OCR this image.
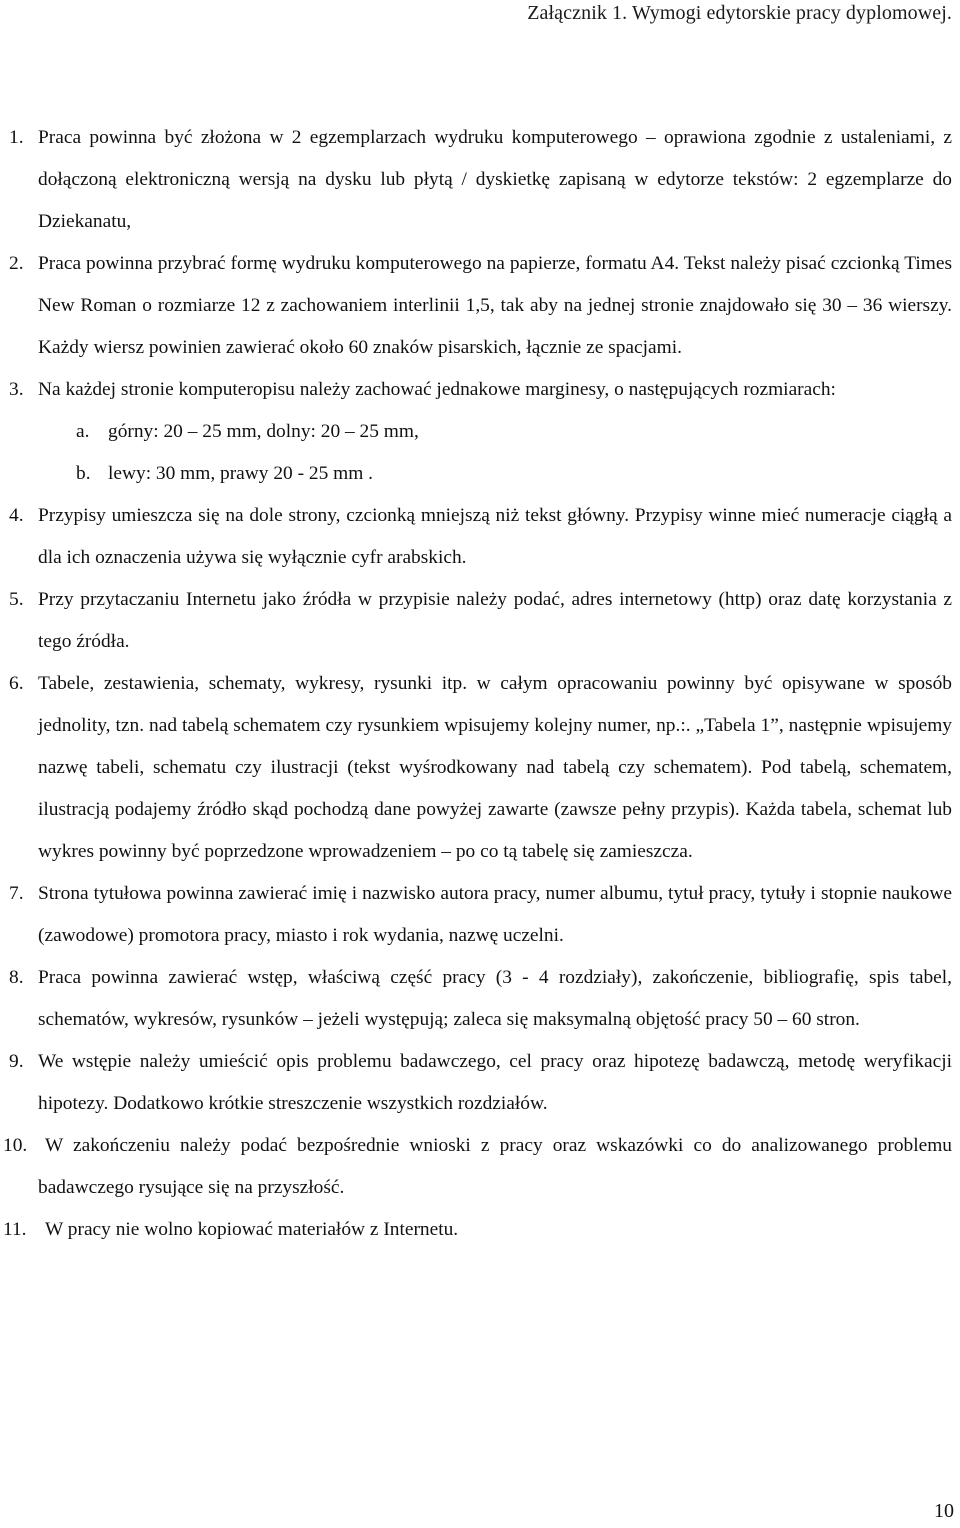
Załącznik 1. Wymogi edytorskie pracy dyplomowej.
1. Praca powinna być złożona w 2 egzemplarzach wydruku komputerowego – oprawiona zgodnie z ustaleniami, z dołączoną elektroniczną wersją na dysku lub płytą / dyskietkę zapisaną w edytorze tekstów: 2 egzemplarze do Dziekanatu,
2. Praca powinna przybrać formę wydruku komputerowego na papierze, formatu A4. Tekst należy pisać czcionką Times New Roman o rozmiarze 12 z zachowaniem interlinii 1,5, tak aby na jednej stronie znajdowało się 30 – 36 wierszy. Każdy wiersz powinien zawierać około 60 znaków pisarskich, łącznie ze spacjami.
3. Na każdej stronie komputeropisu należy zachować jednakowe marginesy, o następujących rozmiarach:
a. górny: 20 – 25 mm, dolny: 20 – 25 mm,
b. lewy: 30 mm, prawy 20 - 25 mm .
4. Przypisy umieszcza się na dole strony, czcionką mniejszą niż tekst główny. Przypisy winne mieć numeracje ciągłą a dla ich oznaczenia używa się wyłącznie cyfr arabskich.
5. Przy przytaczaniu Internetu jako źródła w przypisie należy podać, adres internetowy (http) oraz datę korzystania z tego źródła.
6. Tabele, zestawienia, schematy, wykresy, rysunki itp. w całym opracowaniu powinny być opisywane w sposób jednolity, tzn. nad tabelą schematem czy rysunkiem wpisujemy kolejny numer, np.:. „Tabela 1”, następnie wpisujemy nazwę tabeli, schematu czy ilustracji (tekst wyśrodkowany nad tabelą czy schematem). Pod tabelą, schematem, ilustracją podajemy źródło skąd pochodzą dane powyżej zawarte (zawsze pełny przypis). Każda tabela, schemat lub wykres powinny być poprzedzone wprowadzeniem – po co tą tabelę się zamieszcza.
7. Strona tytułowa powinna zawierać imię i nazwisko autora pracy, numer albumu, tytuł pracy, tytuły i stopnie naukowe (zawodowe) promotora pracy, miasto i rok wydania, nazwę uczelni.
8. Praca powinna zawierać wstęp, właściwą część pracy (3 - 4 rozdziały), zakończenie, bibliografię, spis tabel, schematów, wykresów, rysunków – jeżeli występują; zaleca się maksymalną objętość pracy 50 – 60 stron.
9. We wstępie należy umieścić opis problemu badawczego, cel pracy oraz hipotezę badawczą, metodę weryfikacji hipotezy. Dodatkowo krótkie streszczenie wszystkich rozdziałów.
10. W zakończeniu należy podać bezpośrednie wnioski z pracy oraz wskazówki co do analizowanego problemu badawczego rysujące się na przyszłość.
11. W pracy nie wolno kopiować materiałów z Internetu.
10
